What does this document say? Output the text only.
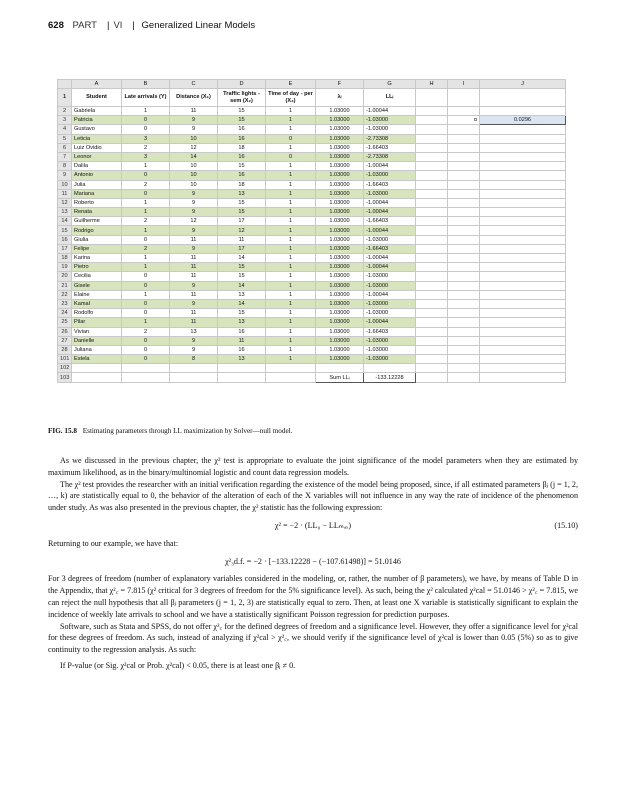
628 PART | VI | Generalized Linear Models
	A	B	C	D	E	F	G	H	I	J
1	Student	Late arrivals (Y)	Distance (X₁)	Traffic lights - sem (X₂)	Time of day - per (X₃)	λᵢ	LLᵢ			
2	Gabriela	1	11	15	1	1.03000	-1.00044			
3	Patricia	0	9	15	1	1.03000	-1.03000		α	0.0296
4	Gustavo	0	9	16	1	1.03000	-1.03000			
5	Leticia	3	10	16	0	1.03000	-2.73308			
6	Luiz Ovidio	2	12	18	1	1.03000	-1.66403			
7	Leonor	3	14	16	0	1.03000	-2.73308			
8	Dalila	1	10	15	1	1.03000	-1.00044			
9	Antonio	0	10	16	1	1.03000	-1.03000			
10	Julia	2	10	18	1	1.03000	-1.66403			
11	Mariana	0	9	13	1	1.03000	-1.03000			
12	Roberto	1	9	15	1	1.03000	-1.00044			
13	Renata	1	9	15	1	1.03000	-1.00044			
14	Guilherme	2	12	17	1	1.03000	-1.66403			
15	Rodrigo	1	9	12	1	1.03000	-1.00044			
16	Giulia	0	11	11	1	1.03000	-1.03000			
17	Felipe	2	9	17	1	1.03000	-1.66403			
18	Karina	1	11	14	1	1.03000	-1.00044			
19	Pietro	1	11	15	1	1.03000	-1.00044			
20	Cecilia	0	11	15	1	1.03000	-1.03000			
21	Gisele	0	9	14	1	1.03000	-1.03000			
22	Elaine	1	11	13	1	1.03000	-1.00044			
23	Kamal	0	9	14	1	1.03000	-1.03000			
24	Rodolfo	0	11	15	1	1.03000	-1.03000			
25	Pilar	1	11	13	1	1.03000	-1.00044			
26	Vivian	2	13	16	1	1.03000	-1.66403			
27	Danielle	0	9	11	1	1.03000	-1.03000			
28	Juliana	0	9	16	1	1.03000	-1.03000			
101	Estela	0	8	13	1	1.03000	-1.03000			
102										
103						Sum LLᵢ	-133.12228			
FIG. 15.8 Estimating parameters through LL maximization by Solver—null model.

As we discussed in the previous chapter, the χ² test is appropriate to evaluate the joint significance of the model parameters when they are estimated by maximum likelihood, as in the binary/multinomial logistic and count data regression models.

The χ² test provides the researcher with an initial verification regarding the existence of the model being proposed, since, if all estimated parameters βⱼ (j = 1, 2, …, k) are statistically equal to 0, the behavior of the alteration of each of the X variables will not influence in any way the rate of incidence of the phenomenon under study. As was also presented in the previous chapter, the χ² statistic has the following expression:

χ² = −2 · (LL₀ − LLₘₐₓ)	(15.10)

Returning to our example, we have that:

χ²₃d.f. = −2 · [−133.12228 − (−107.61498)] = 51.0146

For 3 degrees of freedom (number of explanatory variables considered in the modeling, or, rather, the number of β parameters), we have, by means of Table D in the Appendix, that χ²꜀ = 7.815 (χ² critical for 3 degrees of freedom for the 5% significance level). As such, being the χ² calculated χ²cal = 51.0146 > χ²꜀ = 7.815, we can reject the null hypothesis that all βⱼ parameters (j = 1, 2, 3) are statistically equal to zero. Then, at least one X variable is statistically significant to explain the incidence of weekly late arrivals to school and we have a statistically significant Poisson regression for prediction purposes.

Software, such as Stata and SPSS, do not offer χ²꜀ for the defined degrees of freedom and a significance level. However, they offer a significance level for χ²cal for these degrees of freedom. As such, instead of analyzing if χ²cal > χ²꜀, we should verify if the significance level of χ²cal is lower than 0.05 (5%) so as to give continuity to the regression analysis. As such:

If P-value (or Sig. χ²cal or Prob. χ²cal) < 0.05, there is at least one βⱼ ≠ 0.
